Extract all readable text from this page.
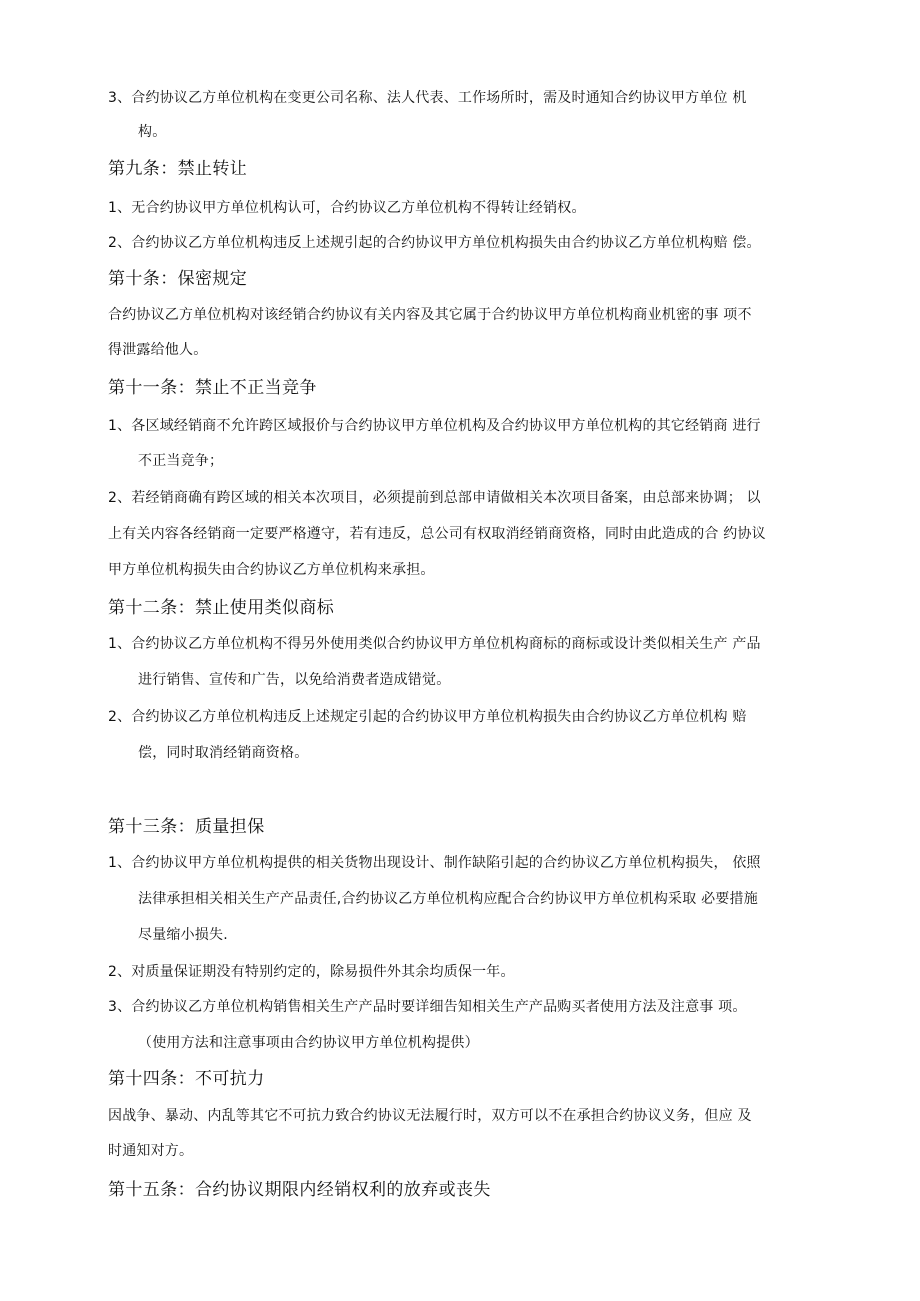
3、合约协议乙方单位机构在变更公司名称、法人代表、工作场所时，需及时通知合约协议甲方单位 机
构。
第九条：禁止转让
1、无合约协议甲方单位机构认可，合约协议乙方单位机构不得转让经销权。
2、合约协议乙方单位机构违反上述规引起的合约协议甲方单位机构损失由合约协议乙方单位机构赔 偿。
第十条：保密规定
合约协议乙方单位机构对该经销合约协议有关内容及其它属于合约协议甲方单位机构商业机密的事 项不
得泄露给他人。
第十一条：禁止不正当竞争
1、各区域经销商不允许跨区域报价与合约协议甲方单位机构及合约协议甲方单位机构的其它经销商 进行
不正当竞争；
2、若经销商确有跨区域的相关本次项目，必须提前到总部申请做相关本次项目备案，由总部来协调； 以
上有关内容各经销商一定要严格遵守，若有违反，总公司有权取消经销商资格，同时由此造成的合 约协议
甲方单位机构损失由合约协议乙方单位机构来承担。
第十二条：禁止使用类似商标
1、合约协议乙方单位机构不得另外使用类似合约协议甲方单位机构商标的商标或设计类似相关生产 产品
进行销售、宣传和广告，以免给消费者造成错觉。
2、合约协议乙方单位机构违反上述规定引起的合约协议甲方单位机构损失由合约协议乙方单位机构 赔
偿，同时取消经销商资格。
第十三条：质量担保
1、合约协议甲方单位机构提供的相关货物出现设计、制作缺陷引起的合约协议乙方单位机构损失， 依照
法律承担相关相关生产产品责任,合约协议乙方单位机构应配合合约协议甲方单位机构采取 必要措施
尽量缩小损失.
2、对质量保证期没有特别约定的，除易损件外其余均质保一年。
3、合约协议乙方单位机构销售相关生产产品时要详细告知相关生产产品购买者使用方法及注意事 项。
（使用方法和注意事项由合约协议甲方单位机构提供）
第十四条：不可抗力
因战争、暴动、内乱等其它不可抗力致合约协议无法履行时，双方可以不在承担合约协议义务，但应 及
时通知对方。
第十五条：合约协议期限内经销权利的放弃或丧失
